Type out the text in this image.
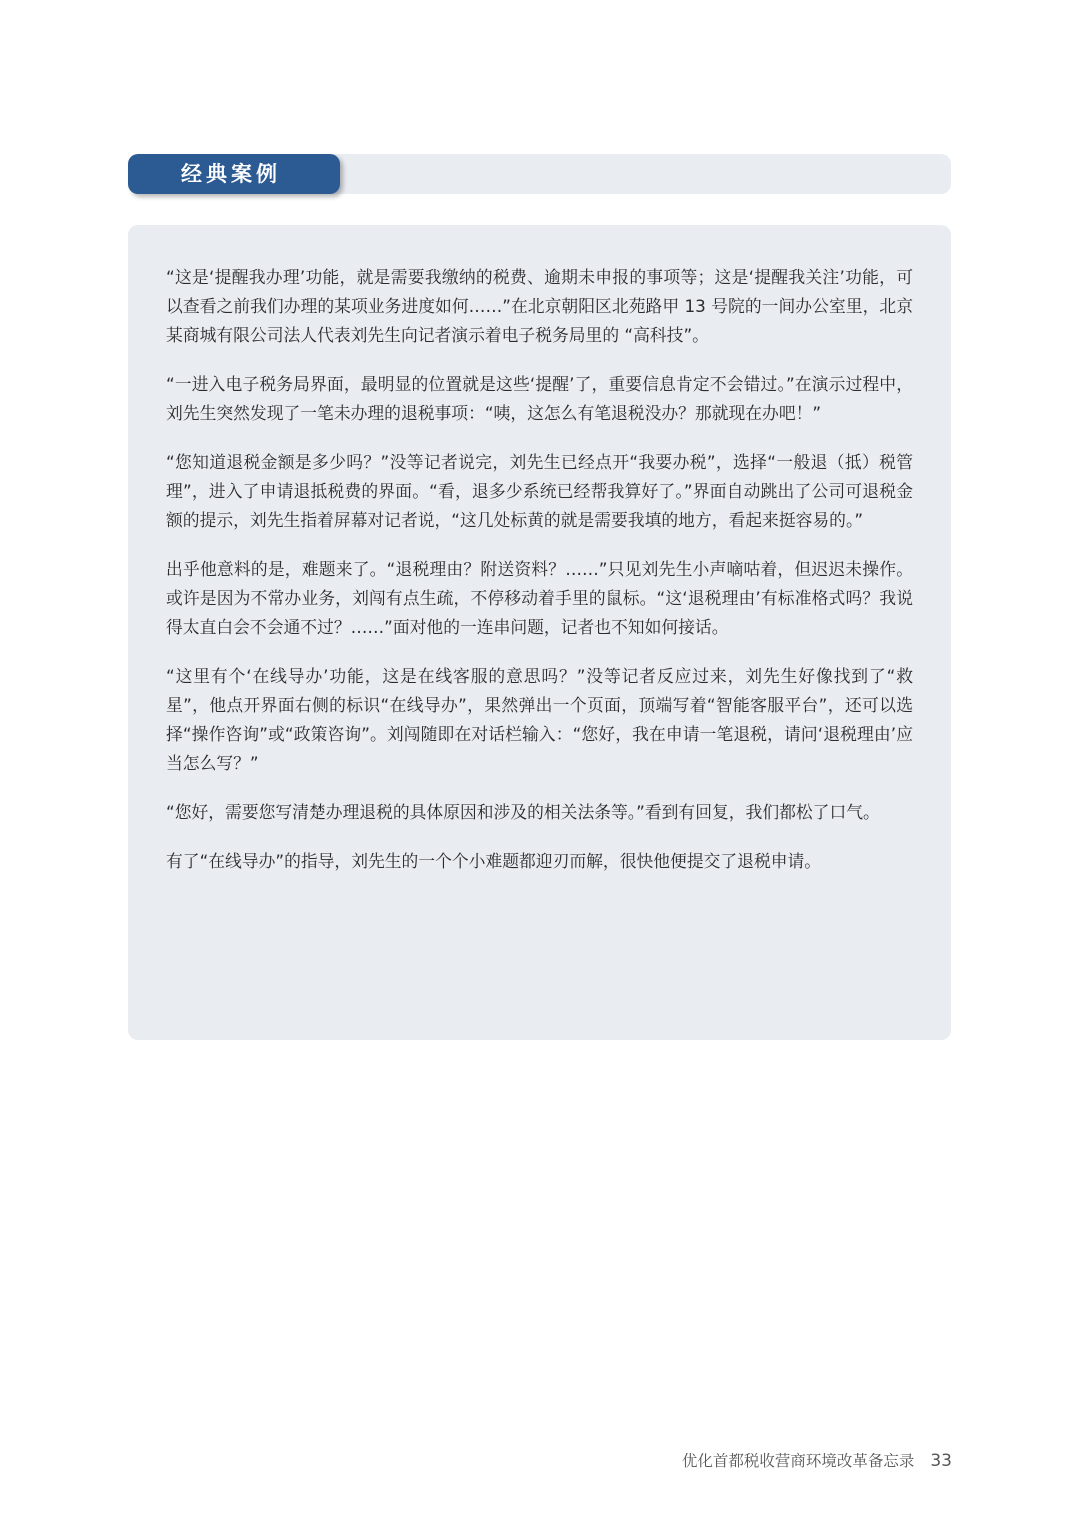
经典案例

“这是‘提醒我办理’功能，就是需要我缴纳的税费、逾期未申报的事项等；这是‘提醒我关注’功能，可以查看之前我们办理的某项业务进度如何……”在北京朝阳区北苑路甲 13 号院的一间办公室里，北京某商城有限公司法人代表刘先生向记者演示着电子税务局里的 “高科技”。

“一进入电子税务局界面，最明显的位置就是这些‘提醒’了，重要信息肯定不会错过。”在演示过程中，刘先生突然发现了一笔未办理的退税事项：“咦，这怎么有笔退税没办？那就现在办吧！”

“您知道退税金额是多少吗？”没等记者说完，刘先生已经点开“我要办税”，选择“一般退（抵）税管理”，进入了申请退抵税费的界面。“看，退多少系统已经帮我算好了。”界面自动跳出了公司可退税金额的提示，刘先生指着屏幕对记者说，“这几处标黄的就是需要我填的地方，看起来挺容易的。”

出乎他意料的是，难题来了。“退税理由？附送资料？……”只见刘先生小声嘀咕着，但迟迟未操作。或许是因为不常办业务，刘闯有点生疏，不停移动着手里的鼠标。“这‘退税理由’有标准格式吗？我说得太直白会不会通不过？……”面对他的一连串问题，记者也不知如何接话。

“这里有个‘在线导办’功能，这是在线客服的意思吗？”没等记者反应过来，刘先生好像找到了“救星”，他点开界面右侧的标识“在线导办”，果然弹出一个页面，顶端写着“智能客服平台”，还可以选择“操作咨询”或“政策咨询”。刘闯随即在对话栏输入：“您好，我在申请一笔退税，请问‘退税理由’应当怎么写？”

“您好，需要您写清楚办理退税的具体原因和涉及的相关法条等。”看到有回复，我们都松了口气。

有了“在线导办”的指导，刘先生的一个个小难题都迎刃而解，很快他便提交了退税申请。

优化首都税收营商环境改革备忘录 33
